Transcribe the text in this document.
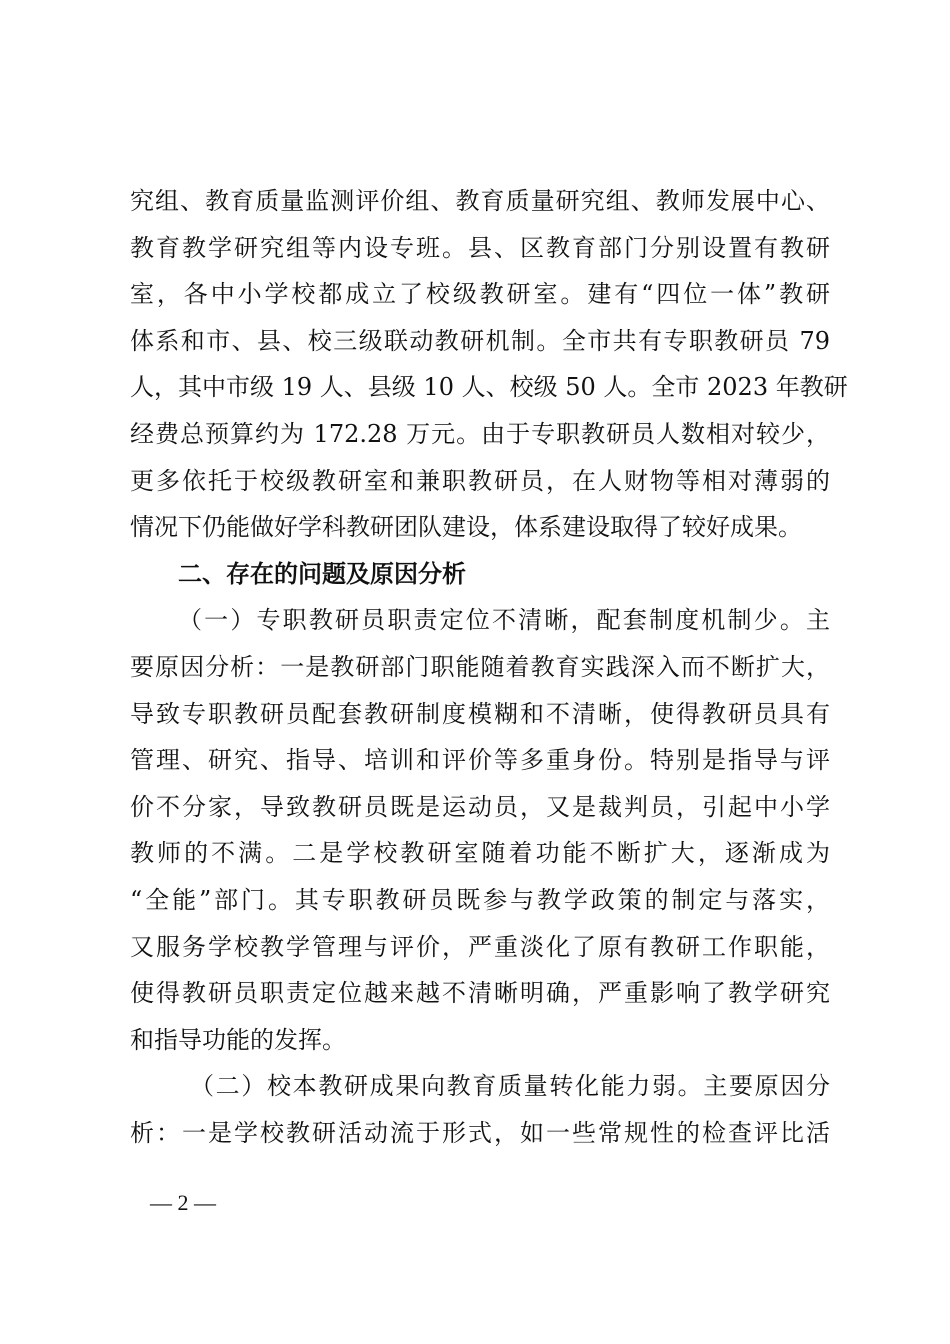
究组、教育质量监测评价组、教育质量研究组、教师发展中心、
教育教学研究组等内设专班。县、区教育部门分别设置有教研
室，各中小学校都成立了校级教研室。建有“四位一体”教研
体系和市、县、校三级联动教研机制。全市共有专职教研员 79
人，其中市级 19 人、县级 10 人、校级 50 人。全市 2023 年教研
经费总预算约为 172.28 万元。由于专职教研员人数相对较少，
更多依托于校级教研室和兼职教研员，在人财物等相对薄弱的
情况下仍能做好学科教研团队建设，体系建设取得了较好成果。
二、存在的问题及原因分析
（一）专职教研员职责定位不清晰，配套制度机制少。主
要原因分析：一是教研部门职能随着教育实践深入而不断扩大，
导致专职教研员配套教研制度模糊和不清晰，使得教研员具有
管理、研究、指导、培训和评价等多重身份。特别是指导与评
价不分家，导致教研员既是运动员，又是裁判员，引起中小学
教师的不满。二是学校教研室随着功能不断扩大，逐渐成为
“全能”部门。其专职教研员既参与教学政策的制定与落实，
又服务学校教学管理与评价，严重淡化了原有教研工作职能，
使得教研员职责定位越来越不清晰明确，严重影响了教学研究
和指导功能的发挥。
（二）校本教研成果向教育质量转化能力弱。主要原因分
析：一是学校教研活动流于形式，如一些常规性的检查评比活
— 2 —
